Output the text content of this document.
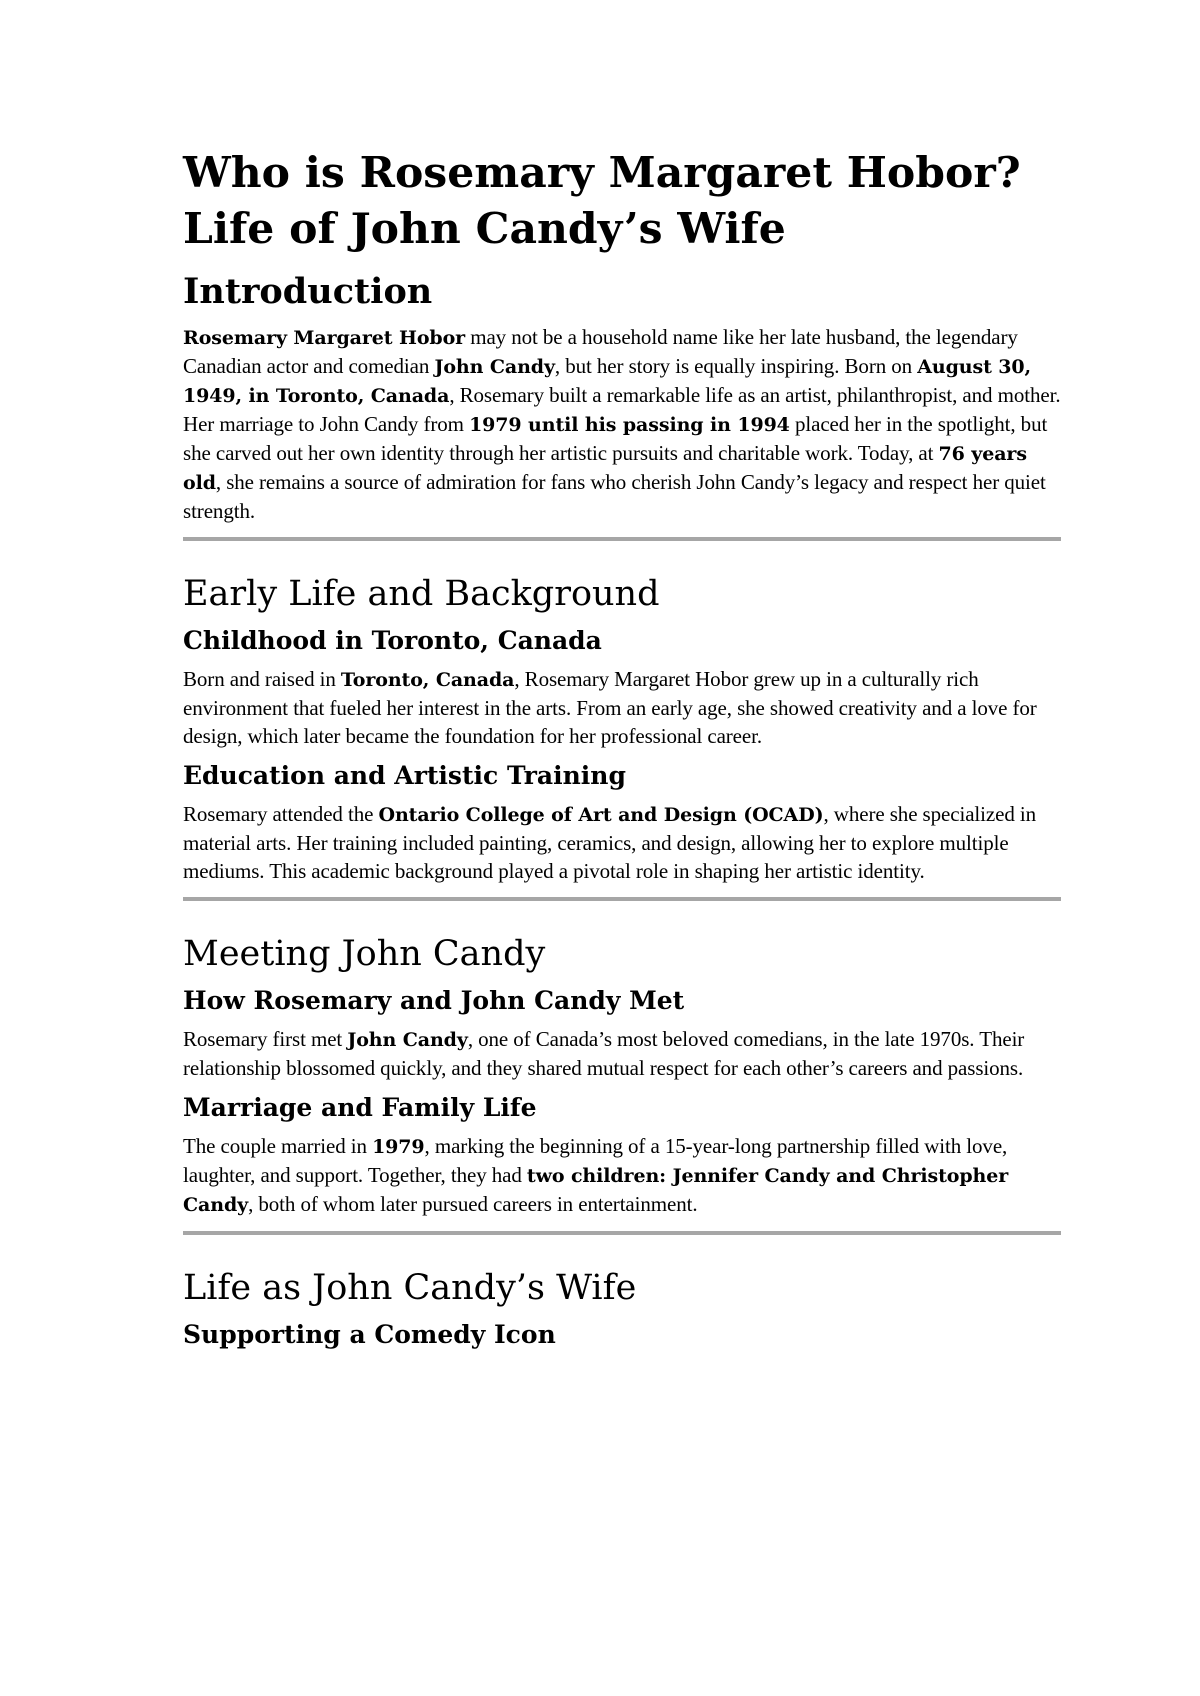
Who is Rosemary Margaret Hobor? Life of John Candy’s Wife
Introduction

Rosemary Margaret Hobor may not be a household name like her late husband, the legendary Canadian actor and comedian John Candy, but her story is equally inspiring. Born on August 30, 1949, in Toronto, Canada, Rosemary built a remarkable life as an artist, philanthropist, and mother. Her marriage to John Candy from 1979 until his passing in 1994 placed her in the spotlight, but she carved out her own identity through her artistic pursuits and charitable work. Today, at 76 years old, she remains a source of admiration for fans who cherish John Candy’s legacy and respect her quiet strength.

Early Life and Background
Childhood in Toronto, Canada

Born and raised in Toronto, Canada, Rosemary Margaret Hobor grew up in a culturally rich environment that fueled her interest in the arts. From an early age, she showed creativity and a love for design, which later became the foundation for her professional career.

Education and Artistic Training

Rosemary attended the Ontario College of Art and Design (OCAD), where she specialized in material arts. Her training included painting, ceramics, and design, allowing her to explore multiple mediums. This academic background played a pivotal role in shaping her artistic identity.

Meeting John Candy
How Rosemary and John Candy Met

Rosemary first met John Candy, one of Canada’s most beloved comedians, in the late 1970s. Their relationship blossomed quickly, and they shared mutual respect for each other’s careers and passions.

Marriage and Family Life

The couple married in 1979, marking the beginning of a 15-year-long partnership filled with love, laughter, and support. Together, they had two children: Jennifer Candy and Christopher Candy, both of whom later pursued careers in entertainment.

Life as John Candy’s Wife
Supporting a Comedy Icon
